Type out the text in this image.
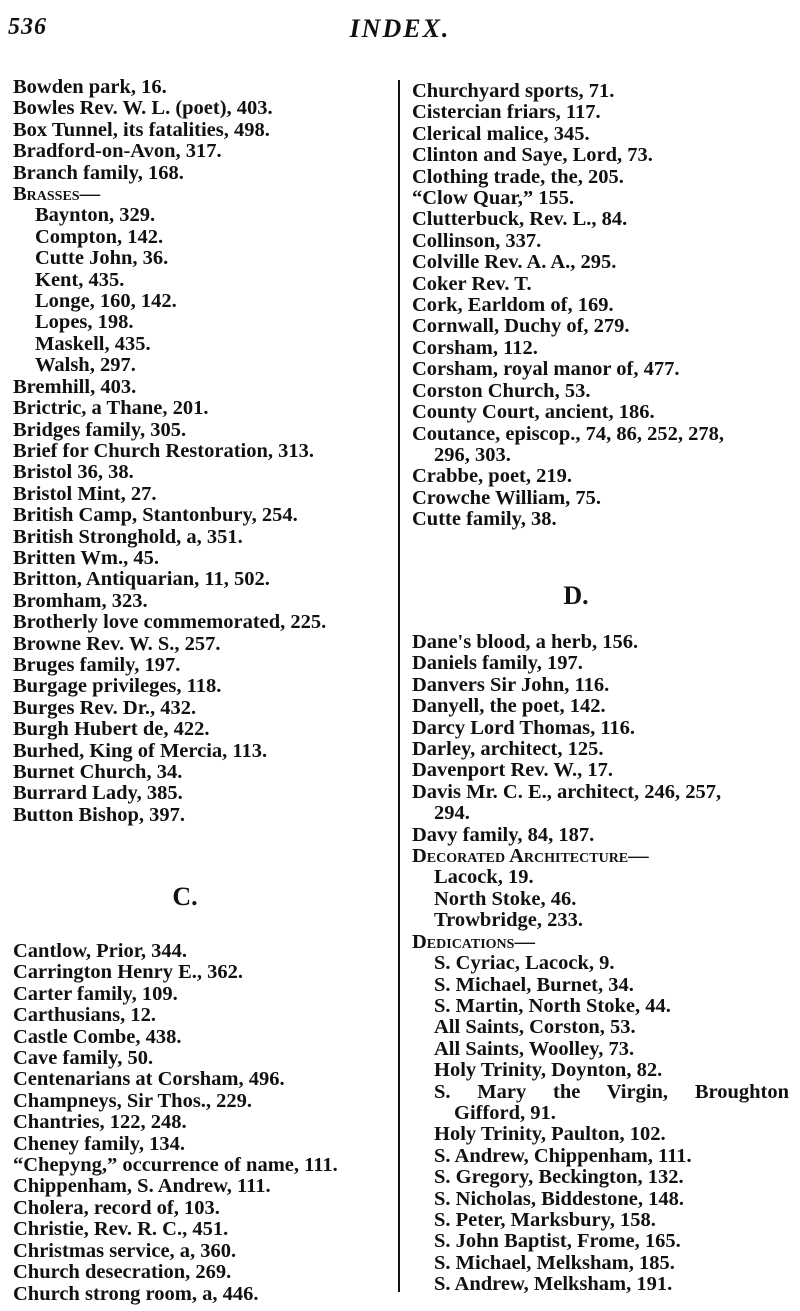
536	INDEX.
Bowden park, 16.
Bowles Rev. W. L. (poet), 403.
Box Tunnel, its fatalities, 498.
Bradford-on-Avon, 317.
Branch family, 168.
Brasses—
Baynton, 329.
Compton, 142.
Cutte John, 36.
Kent, 435.
Longe, 160, 142.
Lopes, 198.
Maskell, 435.
Walsh, 297.
Bremhill, 403.
Brictric, a Thane, 201.
Bridges family, 305.
Brief for Church Restoration, 313.
Bristol 36, 38.
Bristol Mint, 27.
British Camp, Stantonbury, 254.
British Stronghold, a, 351.
Britten Wm., 45.
Britton, Antiquarian, 11, 502.
Bromham, 323.
Brotherly love commemorated, 225.
Browne Rev. W. S., 257.
Bruges family, 197.
Burgage privileges, 118.
Burges Rev. Dr., 432.
Burgh Hubert de, 422.
Burhed, King of Mercia, 113.
Burnet Church, 34.
Burrard Lady, 385.
Button Bishop, 397.
C.
Cantlow, Prior, 344.
Carrington Henry E., 362.
Carter family, 109.
Carthusians, 12.
Castle Combe, 438.
Cave family, 50.
Centenarians at Corsham, 496.
Champneys, Sir Thos., 229.
Chantries, 122, 248.
Cheney family, 134.
“Chepyng,” occurrence of name, 111.
Chippenham, S. Andrew, 111.
Cholera, record of, 103.
Christie, Rev. R. C., 451.
Christmas service, a, 360.
Church desecration, 269.
Church strong room, a, 446.
Churchyard sports, 71.
Cistercian friars, 117.
Clerical malice, 345.
Clinton and Saye, Lord, 73.
Clothing trade, the, 205.
“Clow Quar,” 155.
Clutterbuck, Rev. L., 84.
Collinson, 337.
Colville Rev. A. A., 295.
Coker Rev. T.
Cork, Earldom of, 169.
Cornwall, Duchy of, 279.
Corsham, 112.
Corsham, royal manor of, 477.
Corston Church, 53.
County Court, ancient, 186.
Coutance, episcop., 74, 86, 252, 278,
296, 303.
Crabbe, poet, 219.
Crowche William, 75.
Cutte family, 38.
D.
Dane's blood, a herb, 156.
Daniels family, 197.
Danvers Sir John, 116.
Danyell, the poet, 142.
Darcy Lord Thomas, 116.
Darley, architect, 125.
Davenport Rev. W., 17.
Davis Mr. C. E., architect, 246, 257,
294.
Davy family, 84, 187.
Decorated Architecture—
Lacock, 19.
North Stoke, 46.
Trowbridge, 233.
Dedications—
S. Cyriac, Lacock, 9.
S. Michael, Burnet, 34.
S. Martin, North Stoke, 44.
All Saints, Corston, 53.
All Saints, Woolley, 73.
Holy Trinity, Doynton, 82.
S. Mary the Virgin, Broughton
Gifford, 91.
Holy Trinity, Paulton, 102.
S. Andrew, Chippenham, 111.
S. Gregory, Beckington, 132.
S. Nicholas, Biddestone, 148.
S. Peter, Marksbury, 158.
S. John Baptist, Frome, 165.
S. Michael, Melksham, 185.
S. Andrew, Melksham, 191.
